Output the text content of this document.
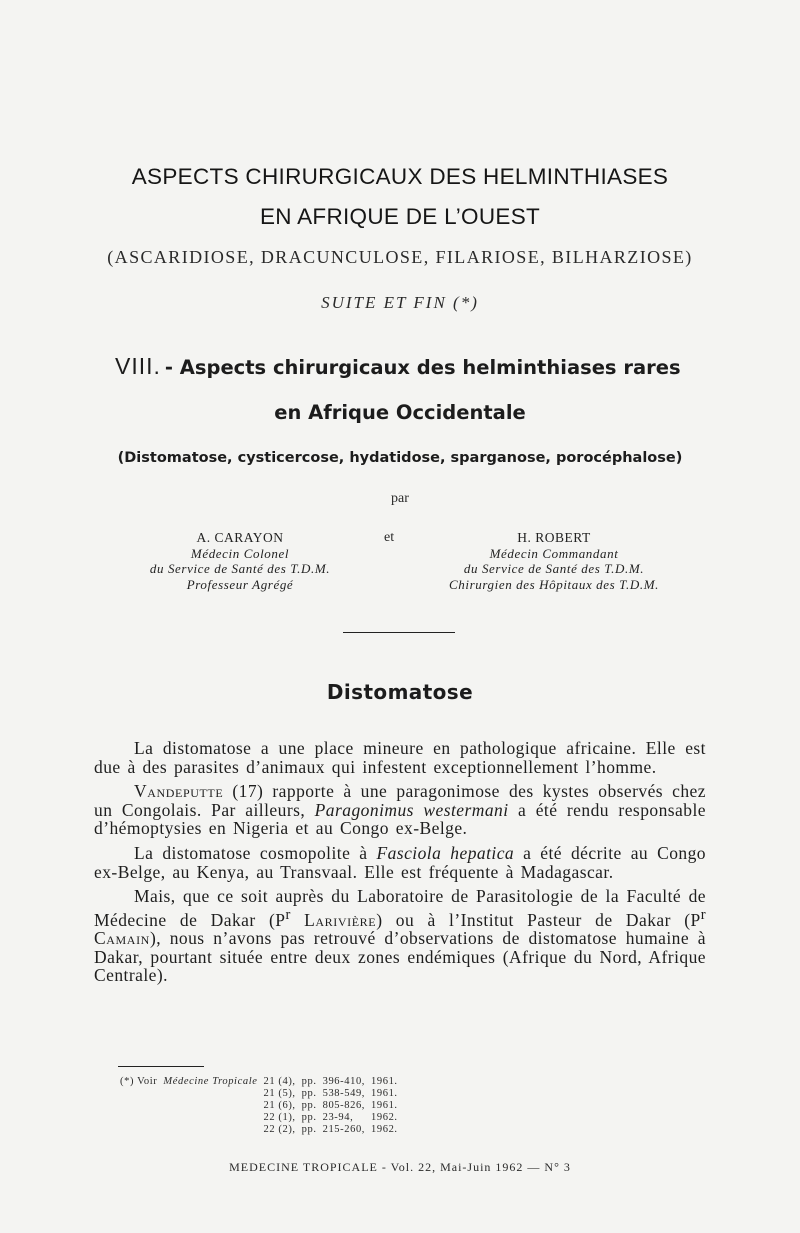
ASPECTS CHIRURGICAUX DES HELMINTHIASES
EN AFRIQUE DE L’OUEST
(ASCARIDIOSE, DRACUNCULOSE, FILARIOSE, BILHARZIOSE)
SUITE ET FIN (*)
VIII. - Aspects chirurgicaux des helminthiases rares
en Afrique Occidentale
(Distomatose, cysticercose, hydatidose, sparganose, porocéphalose)
par
A. CARAYON
Médecin Colonel
du Service de Santé des T.D.M.
Professeur Agrégé
et	H. ROBERT
Médecin Commandant
du Service de Santé des T.D.M.
Chirurgien des Hôpitaux des T.D.M.
Distomatose

La distomatose a une place mineure en pathologique africaine. Elle est due à des parasites d’animaux qui infestent exceptionnellement l’homme.

Vandeputte (17) rapporte à une paragonimose des kystes observés chez un Congolais. Par ailleurs, Paragonimus westermani a été rendu responsable d’hémoptysies en Nigeria et au Congo ex-Belge.

La distomatose cosmopolite à Fasciola hepatica a été décrite au Congo ex-Belge, au Kenya, au Transvaal. Elle est fréquente à Madagascar.

Mais, que ce soit auprès du Laboratoire de Parasitologie de la Faculté de Médecine de Dakar ($P^r$ Larivière) ou à l’Institut Pasteur de Dakar ($P^r$ Camain), nous n’avons pas retrouvé d’observations de distomatose humaine à Dakar, pourtant située entre deux zones endémiques (Afrique du Nord, Afrique Centrale).

(*) Voir	Médecine Tropicale	21 (4),	pp.	396-410,	1961.
		21 (5),	pp.	538-549,	1961.
		21 (6),	pp.	805-826,	1961.
		22 (1),	pp.	23-94,	1962.
		22 (2),	pp.	215-260,	1962.
MEDECINE TROPICALE - Vol. 22, Mai-Juin 1962 — N° 3
